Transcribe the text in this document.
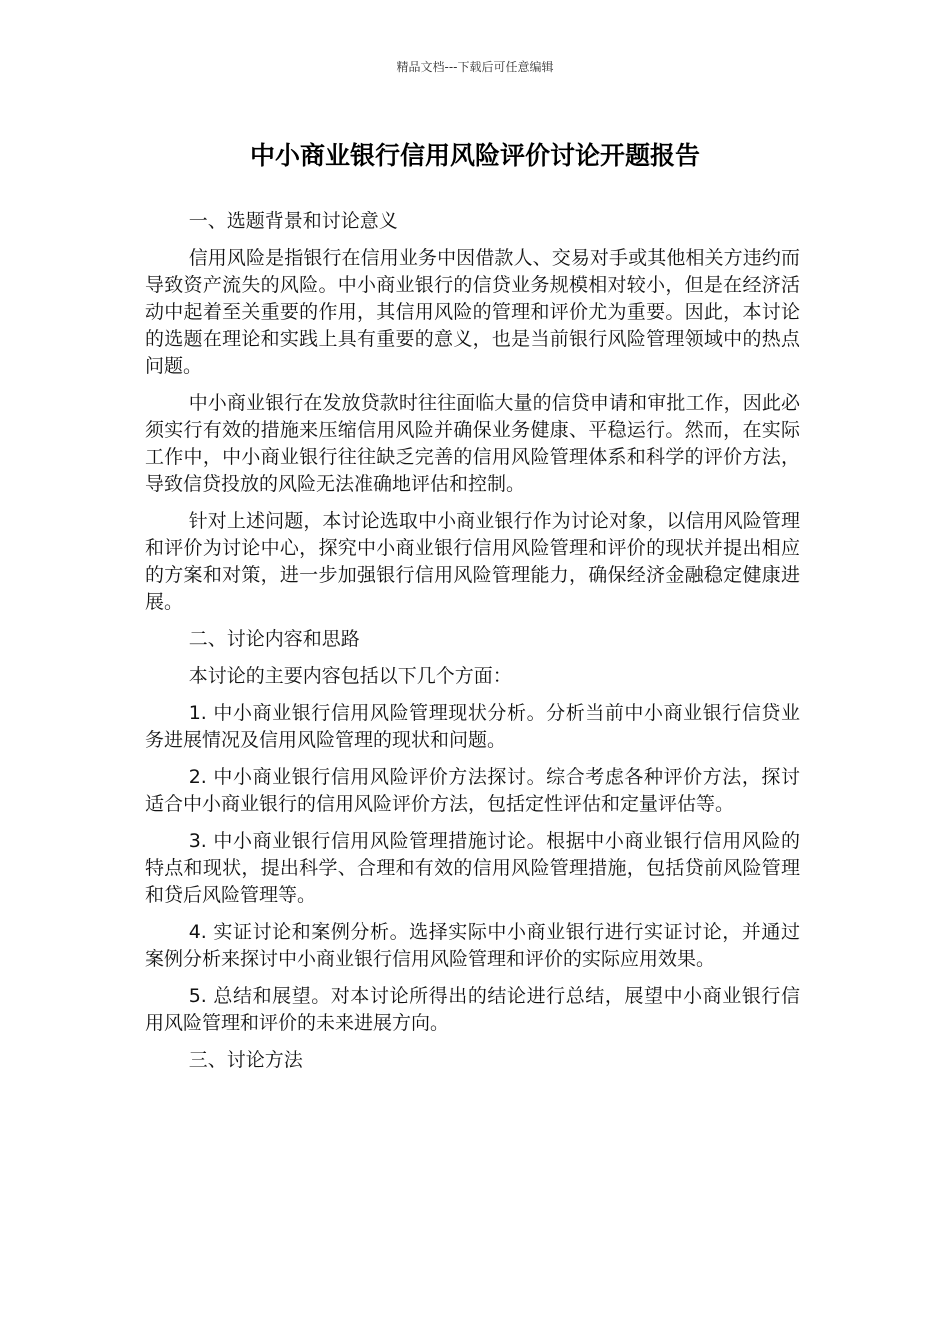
精品文档---下载后可任意编辑
中小商业银行信用风险评价讨论开题报告

一、选题背景和讨论意义

信用风险是指银行在信用业务中因借款人、交易对手或其他相关方违约而导致资产流失的风险。中小商业银行的信贷业务规模相对较小，但是在经济活动中起着至关重要的作用，其信用风险的管理和评价尤为重要。因此，本讨论的选题在理论和实践上具有重要的意义，也是当前银行风险管理领域中的热点问题。

中小商业银行在发放贷款时往往面临大量的信贷申请和审批工作，因此必须实行有效的措施来压缩信用风险并确保业务健康、平稳运行。然而，在实际工作中，中小商业银行往往缺乏完善的信用风险管理体系和科学的评价方法，导致信贷投放的风险无法准确地评估和控制。

针对上述问题，本讨论选取中小商业银行作为讨论对象，以信用风险管理和评价为讨论中心，探究中小商业银行信用风险管理和评价的现状并提出相应的方案和对策，进一步加强银行信用风险管理能力，确保经济金融稳定健康进展。

二、讨论内容和思路

本讨论的主要内容包括以下几个方面：

1. 中小商业银行信用风险管理现状分析。分析当前中小商业银行信贷业务进展情况及信用风险管理的现状和问题。

2. 中小商业银行信用风险评价方法探讨。综合考虑各种评价方法，探讨适合中小商业银行的信用风险评价方法，包括定性评估和定量评估等。

3. 中小商业银行信用风险管理措施讨论。根据中小商业银行信用风险的特点和现状，提出科学、合理和有效的信用风险管理措施，包括贷前风险管理和贷后风险管理等。

4. 实证讨论和案例分析。选择实际中小商业银行进行实证讨论，并通过案例分析来探讨中小商业银行信用风险管理和评价的实际应用效果。

5. 总结和展望。对本讨论所得出的结论进行总结，展望中小商业银行信用风险管理和评价的未来进展方向。

三、讨论方法
